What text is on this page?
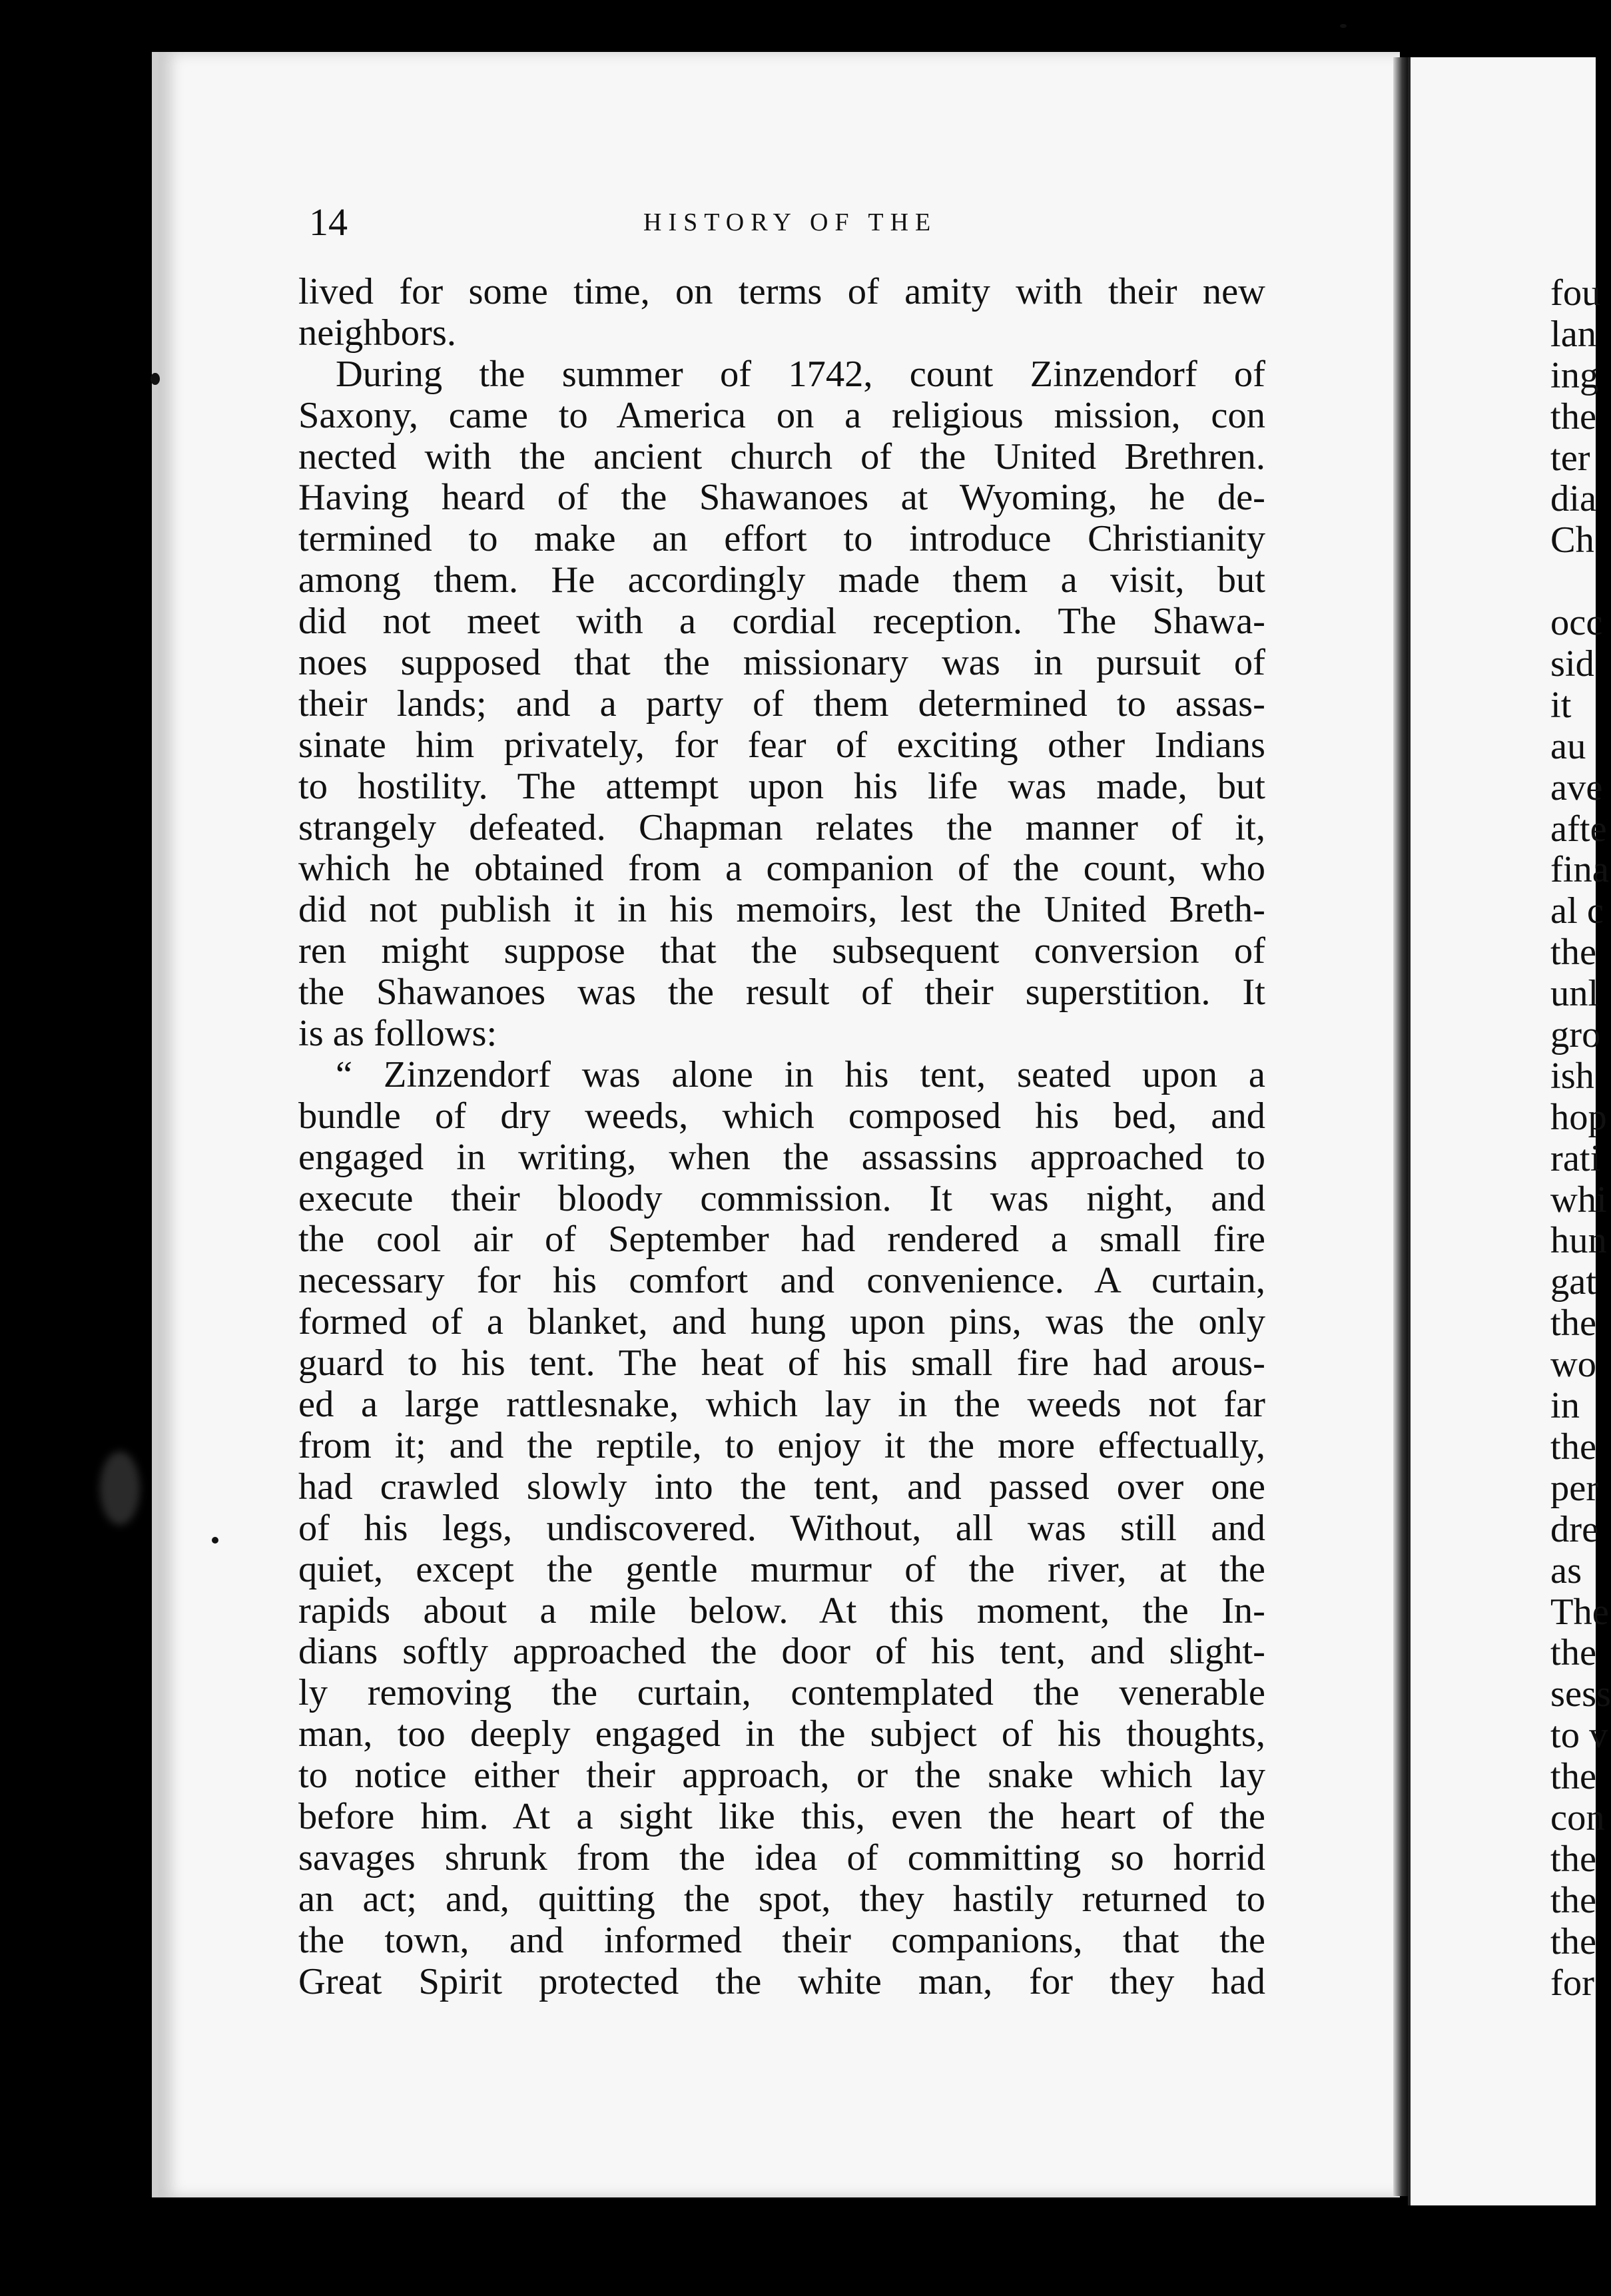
14	HISTORY OF THE
lived for some time, on terms of amity with their new
neighbors.
During the summer of 1742, count Zinzendorf of
Saxony, came to America on a religious mission, con
nected with the ancient church of the United Brethren.
Having heard of the Shawanoes at Wyoming, he de-
termined to make an effort to introduce Christianity
among them. He accordingly made them a visit, but
did not meet with a cordial reception. The Shawa-
noes supposed that the missionary was in pursuit of
their lands; and a party of them determined to assas-
sinate him privately, for fear of exciting other Indians
to hostility. The attempt upon his life was made, but
strangely defeated. Chapman relates the manner of it,
which he obtained from a companion of the count, who
did not publish it in his memoirs, lest the United Breth-
ren might suppose that the subsequent conversion of
the Shawanoes was the result of their superstition. It
is as follows:
“ Zinzendorf was alone in his tent, seated upon a
bundle of dry weeds, which composed his bed, and
engaged in writing, when the assassins approached to
execute their bloody commission. It was night, and
the cool air of September had rendered a small fire
necessary for his comfort and convenience. A curtain,
formed of a blanket, and hung upon pins, was the only
guard to his tent. The heat of his small fire had arous-
ed a large rattlesnake, which lay in the weeds not far
from it; and the reptile, to enjoy it the more effectually,
had crawled slowly into the tent, and passed over one
of his legs, undiscovered. Without, all was still and
quiet, except the gentle murmur of the river, at the
rapids about a mile below. At this moment, the In-
dians softly approached the door of his tent, and slight-
ly removing the curtain, contemplated the venerable
man, too deeply engaged in the subject of his thoughts,
to notice either their approach, or the snake which lay
before him. At a sight like this, even the heart of the
savages shrunk from the idea of committing so horrid
an act; and, quitting the spot, they hastily returned to
the town, and informed their companions, that the
Great Spirit protected the white man, for they had
fou
lan
ing
the
ter
dia
Ch
occ
sid
it
au
ave
afte
fina
al c
the
unl
gro
ish
hop
rati
whi
hun
gat
the
wo
in
the
per
dre
as
The
the
sess
to v
the
con
the
the
the
for
